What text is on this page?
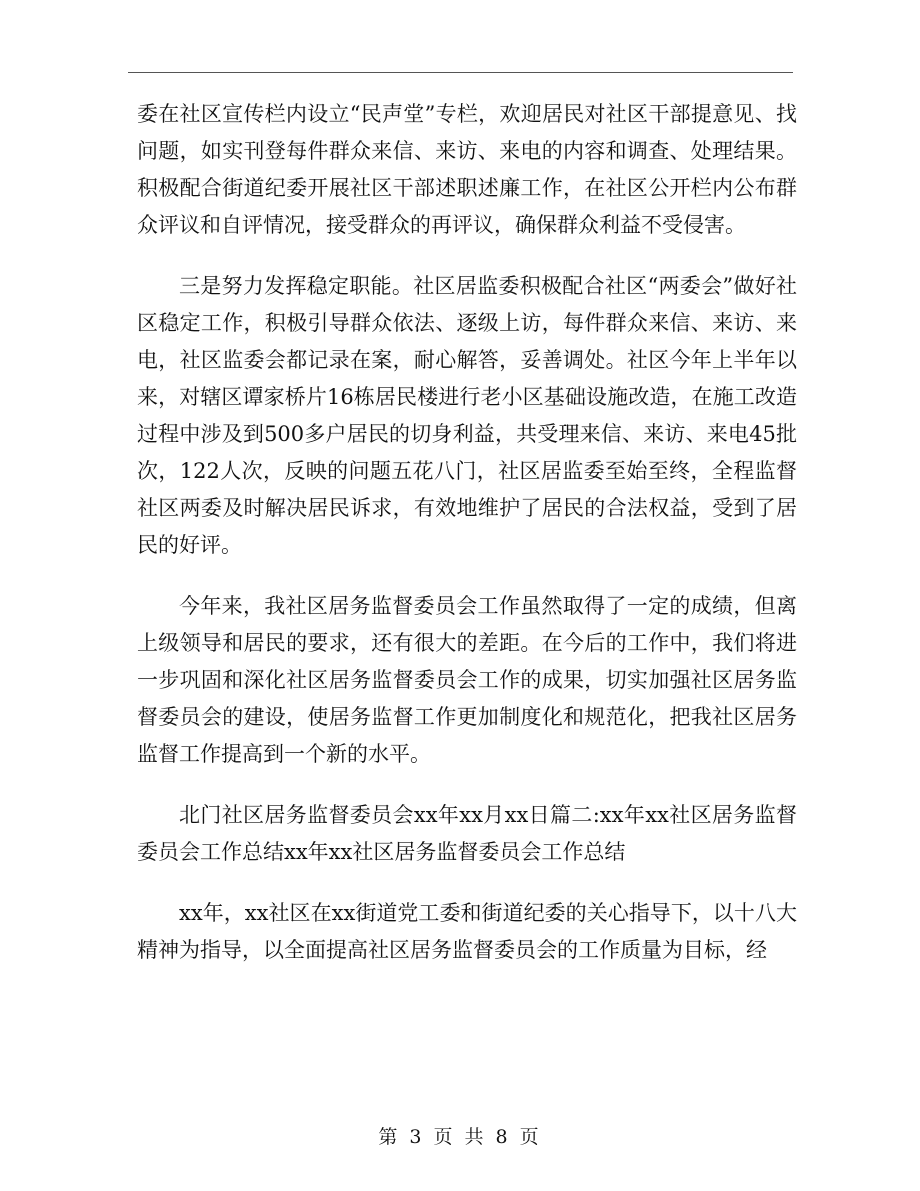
委在社区宣传栏内设立“民声堂”专栏，欢迎居民对社区干部提意见、找问题，如实刊登每件群众来信、来访、来电的内容和调查、处理结果。积极配合街道纪委开展社区干部述职述廉工作，在社区公开栏内公布群众评议和自评情况，接受群众的再评议，确保群众利益不受侵害。

三是努力发挥稳定职能。社区居监委积极配合社区“两委会”做好社区稳定工作，积极引导群众依法、逐级上访，每件群众来信、来访、来电，社区监委会都记录在案，耐心解答，妥善调处。社区今年上半年以来，对辖区谭家桥片16栋居民楼进行老小区基础设施改造，在施工改造过程中涉及到500多户居民的切身利益，共受理来信、来访、来电45批次，122人次，反映的问题五花八门，社区居监委至始至终，全程监督社区两委及时解决居民诉求，有效地维护了居民的合法权益，受到了居民的好评。

今年来，我社区居务监督委员会工作虽然取得了一定的成绩，但离上级领导和居民的要求，还有很大的差距。在今后的工作中，我们将进一步巩固和深化社区居务监督委员会工作的成果，切实加强社区居务监督委员会的建设，使居务监督工作更加制度化和规范化，把我社区居务监督工作提高到一个新的水平。

北门社区居务监督委员会xx年xx月xx日篇二:xx年xx社区居务监督委员会工作总结xx年xx社区居务监督委员会工作总结

xx年，xx社区在xx街道党工委和街道纪委的关心指导下，以十八大精神为指导，以全面提高社区居务监督委员会的工作质量为目标，经

第 3 页 共 8 页
